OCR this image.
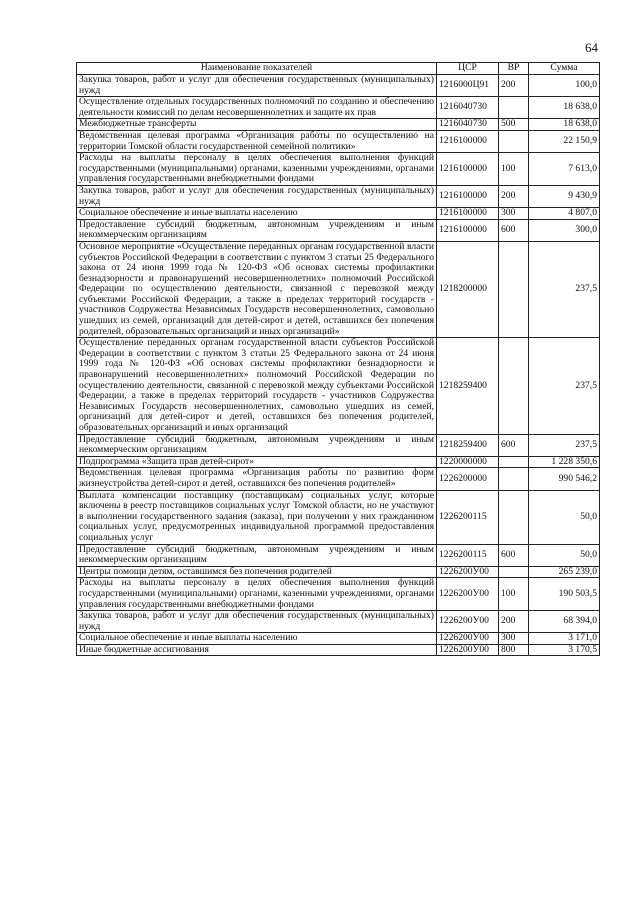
64
Наименование показателей	ЦСР	ВР	Сумма
Закупка товаров, работ и услуг для обеспечения государственных (муниципальных) нужд	1216000Ц91	200	100,0
Осуществление отдельных государственных полномочий по созданию и обеспечению деятельности комиссий по делам несовершеннолетних и защите их прав	1216040730		18 638,0
Межбюджетные трансферты	1216040730	500	18 638,0
Ведомственная целевая программа «Организация работы по осуществлению на территории Томской области государственной семейной политики»	1216100000		22 150,9
Расходы на выплаты персоналу в целях обеспечения выполнения функций государственными (муниципальными) органами, казенными учреждениями, органами управления государственными внебюджетными фондами	1216100000	100	7 613,0
Закупка товаров, работ и услуг для обеспечения государственных (муниципальных) нужд	1216100000	200	9 430,9
Социальное обеспечение и иные выплаты населению	1216100000	300	4 807,0
Предоставление субсидий бюджетным, автономным учреждениям и иным некоммерческим организациям	1216100000	600	300,0
Основное мероприятие «Осуществление переданных органам государственной власти субъектов Российской Федерации в соответствии с пунктом 3 статьи 25 Федерального закона от 24 июня 1999 года № 120-ФЗ «Об основах системы профилактики безнадзорности и правонарушений несовершеннолетних» полномочий Российской Федерации по осуществлению деятельности, связанной с перевозкой между субъектами Российской Федерации, а также в пределах территорий государств - участников Содружества Независимых Государств несовершеннолетних, самовольно ушедших из семей, организаций для детей-сирот и детей, оставшихся без попечения родителей, образовательных организаций и иных организаций»	1218200000		237,5
Осуществление переданных органам государственной власти субъектов Российской Федерации в соответствии с пунктом 3 статьи 25 Федерального закона от 24 июня 1999 года № 120-ФЗ «Об основах системы профилактики безнадзорности и правонарушений несовершеннолетних» полномочий Российской Федерации по осуществлению деятельности, связанной с перевозкой между субъектами Российской Федерации, а также в пределах территорий государств - участников Содружества Независимых Государств несовершеннолетних, самовольно ушедших из семей, организаций для детей-сирот и детей, оставшихся без попечения родителей, образовательных организаций и иных организаций	1218259400		237,5
Предоставление субсидий бюджетным, автономным учреждениям и иным некоммерческим организациям	1218259400	600	237,5
Подпрограмма «Защита прав детей-сирот»	1220000000		1 228 350,6
Ведомственная целевая программа «Организация работы по развитию форм жизнеустройства детей-сирот и детей, оставшихся без попечения родителей»	1226200000		990 546,2
Выплата компенсации поставщику (поставщикам) социальных услуг, которые включены в реестр поставщиков социальных услуг Томской области, но не участвуют в выполнении государственного задания (заказа), при получении у них гражданином социальных услуг, предусмотренных индивидуальной программой предоставления социальных услуг	1226200115		50,0
Предоставление субсидий бюджетным, автономным учреждениям и иным некоммерческим организациям	1226200115	600	50,0
Центры помощи детям, оставшимся без попечения родителей	1226200У00		265 239,0
Расходы на выплаты персоналу в целях обеспечения выполнения функций государственными (муниципальными) органами, казенными учреждениями, органами управления государственными внебюджетными фондами	1226200У00	100	190 503,5
Закупка товаров, работ и услуг для обеспечения государственных (муниципальных) нужд	1226200У00	200	68 394,0
Социальное обеспечение и иные выплаты населению	1226200У00	300	3 171,0
Иные бюджетные ассигнования	1226200У00	800	3 170,5
